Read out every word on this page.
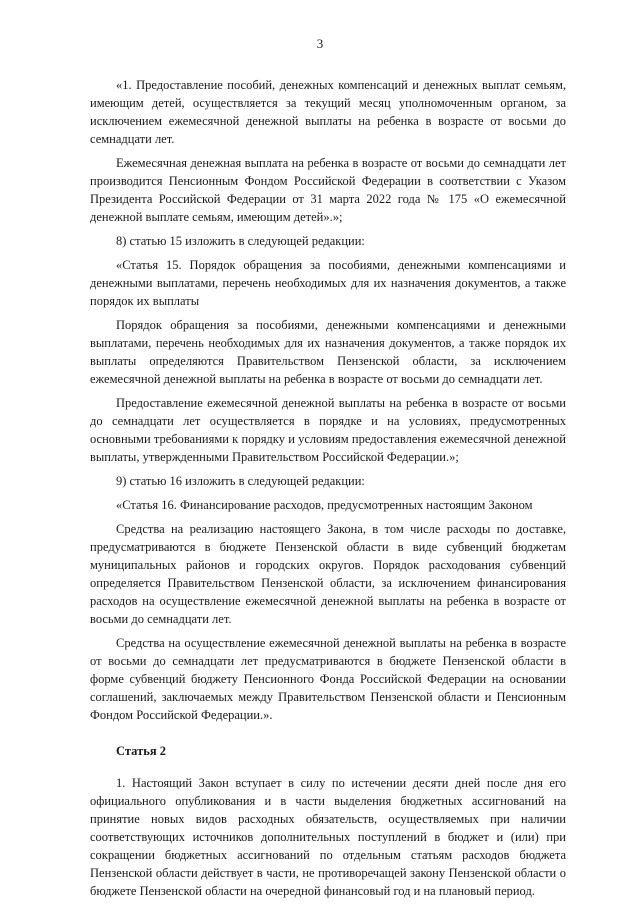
3

«1. Предоставление пособий, денежных компенсаций и денежных выплат семьям, имеющим детей, осуществляется за текущий месяц уполномоченным органом, за исключением ежемесячной денежной выплаты на ребенка в возрасте от восьми до семнадцати лет.

Ежемесячная денежная выплата на ребенка в возрасте от восьми до семнадцати лет производится Пенсионным Фондом Российской Федерации в соответствии с Указом Президента Российской Федерации от 31 марта 2022 года № 175 «О ежемесячной денежной выплате семьям, имеющим детей».»;

8) статью 15 изложить в следующей редакции:

«Статья 15. Порядок обращения за пособиями, денежными компенсациями и денежными выплатами, перечень необходимых для их назначения документов, а также порядок их выплаты

Порядок обращения за пособиями, денежными компенсациями и денежными выплатами, перечень необходимых для их назначения документов, а также порядок их выплаты определяются Правительством Пензенской области, за исключением ежемесячной денежной выплаты на ребенка в возрасте от восьми до семнадцати лет.

Предоставление ежемесячной денежной выплаты на ребенка в возрасте от восьми до семнадцати лет осуществляется в порядке и на условиях, предусмотренных основными требованиями к порядку и условиям предоставления ежемесячной денежной выплаты, утвержденными Правительством Российской Федерации.»;

9) статью 16 изложить в следующей редакции:

«Статья 16. Финансирование расходов, предусмотренных настоящим Законом

Средства на реализацию настоящего Закона, в том числе расходы по доставке, предусматриваются в бюджете Пензенской области в виде субвенций бюджетам муниципальных районов и городских округов. Порядок расходования субвенций определяется Правительством Пензенской области, за исключением финансирования расходов на осуществление ежемесячной денежной выплаты на ребенка в возрасте от восьми до семнадцати лет.

Средства на осуществление ежемесячной денежной выплаты на ребенка в возрасте от восьми до семнадцати лет предусматриваются в бюджете Пензенской области в форме субвенций бюджету Пенсионного Фонда Российской Федерации на основании соглашений, заключаемых между Правительством Пензенской области и Пенсионным Фондом Российской Федерации.».

Статья 2

1. Настоящий Закон вступает в силу по истечении десяти дней после дня его официального опубликования и в части выделения бюджетных ассигнований на принятие новых видов расходных обязательств, осуществляемых при наличии соответствующих источников дополнительных поступлений в бюджет и (или) при сокращении бюджетных ассигнований по отдельным статьям расходов бюджета Пензенской области действует в части, не противоречащей закону Пензенской области о бюджете Пензенской области на очередной финансовый год и на плановый период.
